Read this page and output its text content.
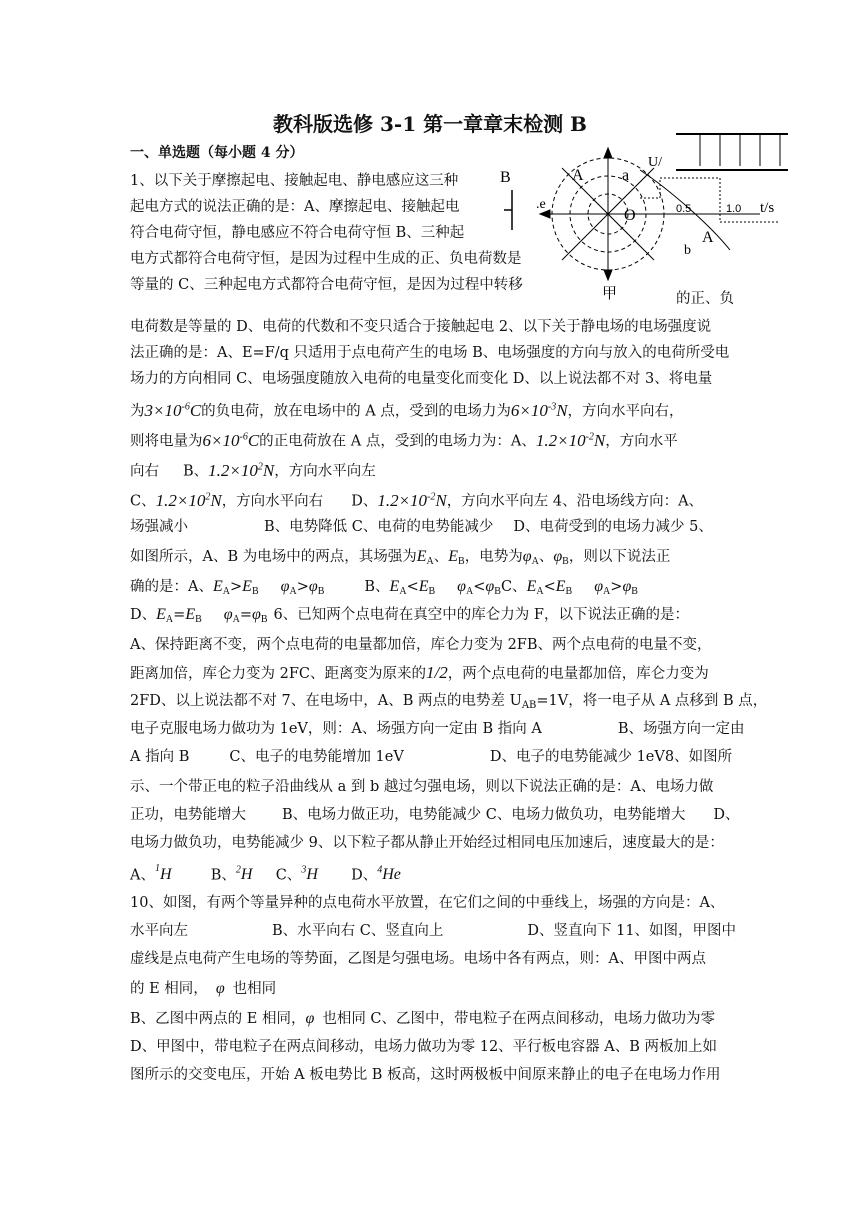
教科版选修 3-1 第一章章末检测 B
一、单选题（每小题 4 分）
B
.e
A
O
a
U/
b
A
甲
0.5	1.0 t/s
1、以下关于摩擦起电、接触起电、静电感应这三种
起电方式的说法正确的是：A、摩擦起电、接触起电
符合电荷守恒，静电感应不符合电荷守恒 B、三种起
电方式都符合电荷守恒，是因为过程中生成的正、负电荷数是
等量的 C、三种起电方式都符合电荷守恒，是因为过程中转移
的正、负
电荷数是等量的 D、电荷的代数和不变只适合于接触起电 2、以下关于静电场的电场强度说
法正确的是：A、E=F/q 只适用于点电荷产生的电场 B、电场强度的方向与放入的电荷所受电
场力的方向相同 C、电场强度随放入电荷的电量变化而变化 D、以上说法都不对 3、将电量
为$3\times 10^{-6}C$的负电荷，放在电场中的 A 点，受到的电场力为$6\times 10^{-3}N$，方向水平向右，
则将电量为$6\times 10^{-6}C$的正电荷放在 A 点，受到的电场力为：A、$1.2\times 10^{-2}N$，方向水平
向右 B、$1.2\times 10^2N$，方向水平向左
C、$1.2\times 10^2N$，方向水平向右 D、$1.2\times 10^{-2}N$，方向水平向左 4、沿电场线方向：A、
场强减小	B、电势降低 C、电荷的电势能减少 D、电荷受到的电场力减少 5、
如图所示，A、B 为电场中的两点，其场强为$E_A$、$E_B$，电势为$\varphi_A$、$\varphi_B$，则以下说法正
确的是：A、$E_A>E_B$ $\varphi_A>\varphi_B$	B、$E_A<E_B$ $\varphi_A<\varphi_BC$、$E_A<E_B$ $\varphi_A>\varphi_B$
D、$E_A=E_B$ $\varphi_A=\varphi_B$ 6、已知两个点电荷在真空中的库仑力为 F，以下说法正确的是：
A、保持距离不变，两个点电荷的电量都加倍，库仑力变为 2FB、两个点电荷的电量不变，
距离加倍，库仑力变为 2FC、距离变为原来的1/2，两个点电荷的电量都加倍，库仑力变为
2FD、以上说法都不对 7、在电场中，A、B 两点的电势差 $U_{AB}=1V$，将一电子从 A 点移到 B 点，
电子克服电场力做功为 1eV，则：A、场强方向一定由 B 指向 A	B、场强方向一定由
A 指向 B	C、电子的电势能增加 1eV	D、电子的电势能减少 1eV8、如图所
示、一个带正电的粒子沿曲线从 a 到 b 越过匀强电场，则以下说法正确的是：A、电场力做
正功，电势能增大 B、电场力做正功，电势能减少 C、电场力做负功，电势能增大 D、
电场力做负功，电势能减少 9、以下粒子都从静止开始经过相同电压加速后，速度最大的是：
A、$^1$H	B、$^2$H C、$^3$H D、$^4$He
10、如图，有两个等量异种的点电荷水平放置，在它们之间的中垂线上，场强的方向是：A、
水平向左	B、水平向右 C、竖直向上	D、竖直向下 11、如图，甲图中
虚线是点电荷产生电场的等势面，乙图是匀强电场。电场中各有两点，则：A、甲图中两点
的 E 相同， φ 也相同
B、乙图中两点的 E 相同，φ 也相同 C、乙图中，带电粒子在两点间移动，电场力做功为零
D、甲图中，带电粒子在两点间移动，电场力做功为零 12、平行板电容器 A、B 两板加上如
图所示的交变电压，开始 A 板电势比 B 板高，这时两极板中间原来静止的电子在电场力作用
